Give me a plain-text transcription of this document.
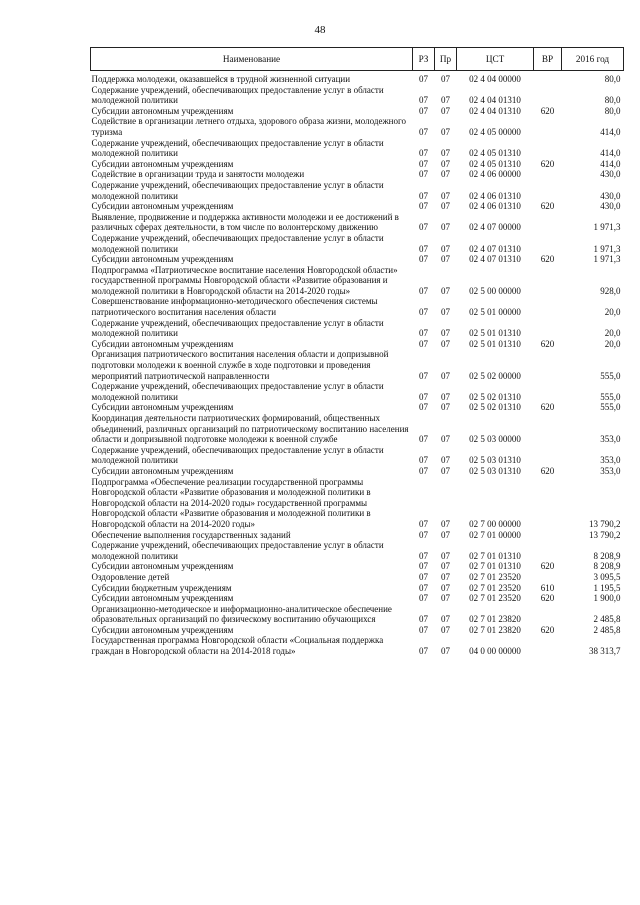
48
Наименование	РЗ	Пр	ЦСТ	ВР	2016 год
Поддержка молодежи, оказавшейся в трудной жизненной ситуации	07	07	02 4 04 00000		80,0
Содержание учреждений, обеспечивающих предоставление услуг в области молодежной политики	07	07	02 4 04 01310		80,0
Субсидии автономным учреждениям	07	07	02 4 04 01310	620	80,0
Содействие в организации летнего отдыха, здорового образа жизни, молодежного туризма	07	07	02 4 05 00000		414,0
Содержание учреждений, обеспечивающих предоставление услуг в области молодежной политики	07	07	02 4 05 01310		414,0
Субсидии автономным учреждениям	07	07	02 4 05 01310	620	414,0
Содействие в организации труда и занятости молодежи	07	07	02 4 06 00000		430,0
Содержание учреждений, обеспечивающих предоставление услуг в области молодежной политики	07	07	02 4 06 01310		430,0
Субсидии автономным учреждениям	07	07	02 4 06 01310	620	430,0
Выявление, продвижение и поддержка активности молодежи и ее достижений в различных сферах деятельности, в том числе по волонтерскому движению	07	07	02 4 07 00000		1 971,3
Содержание учреждений, обеспечивающих предоставление услуг в области молодежной политики	07	07	02 4 07 01310		1 971,3
Субсидии автономным учреждениям	07	07	02 4 07 01310	620	1 971,3
Подпрограмма «Патриотическое воспитание населения Новгородской области» государственной программы Новгородской области «Развитие образования и молодежной политики в Новгородской области на 2014-2020 годы»	07	07	02 5 00 00000		928,0
Совершенствование информационно-методического обеспечения системы патриотического воспитания населения области	07	07	02 5 01 00000		20,0
Содержание учреждений, обеспечивающих предоставление услуг в области молодежной политики	07	07	02 5 01 01310		20,0
Субсидии автономным учреждениям	07	07	02 5 01 01310	620	20,0
Организация патриотического воспитания населения области и допризывной подготовки молодежи к военной службе в ходе подготовки и проведения мероприятий патриотической направленности	07	07	02 5 02 00000		555,0
Содержание учреждений, обеспечивающих предоставление услуг в области молодежной политики	07	07	02 5 02 01310		555,0
Субсидии автономным учреждениям	07	07	02 5 02 01310	620	555,0
Координация деятельности патриотических формирований, общественных объединений, различных организаций по патриотическому воспитанию населения области и допризывной подготовке молодежи к военной службе	07	07	02 5 03 00000		353,0
Содержание учреждений, обеспечивающих предоставление услуг в области молодежной политики	07	07	02 5 03 01310		353,0
Субсидии автономным учреждениям	07	07	02 5 03 01310	620	353,0
Подпрограмма «Обеспечение реализации государственной программы Новгородской области «Развитие образования и молодежной политики в Новгородской области на 2014-2020 годы» государственной программы Новгородской области «Развитие образования и молодежной политики в Новгородской области на 2014-2020 годы»	07	07	02 7 00 00000		13 790,2
Обеспечение выполнения государственных заданий	07	07	02 7 01 00000		13 790,2
Содержание учреждений, обеспечивающих предоставление услуг в области молодежной политики	07	07	02 7 01 01310		8 208,9
Субсидии автономным учреждениям	07	07	02 7 01 01310	620	8 208,9
Оздоровление детей	07	07	02 7 01 23520		3 095,5
Субсидии бюджетным учреждениям	07	07	02 7 01 23520	610	1 195,5
Субсидии автономным учреждениям	07	07	02 7 01 23520	620	1 900,0
Организационно-методическое и информационно-аналитическое обеспечение образовательных организаций по физическому воспитанию обучающихся	07	07	02 7 01 23820		2 485,8
Субсидии автономным учреждениям	07	07	02 7 01 23820	620	2 485,8
Государственная программа Новгородской области «Социальная поддержка граждан в Новгородской области на 2014-2018 годы»	07	07	04 0 00 00000		38 313,7
